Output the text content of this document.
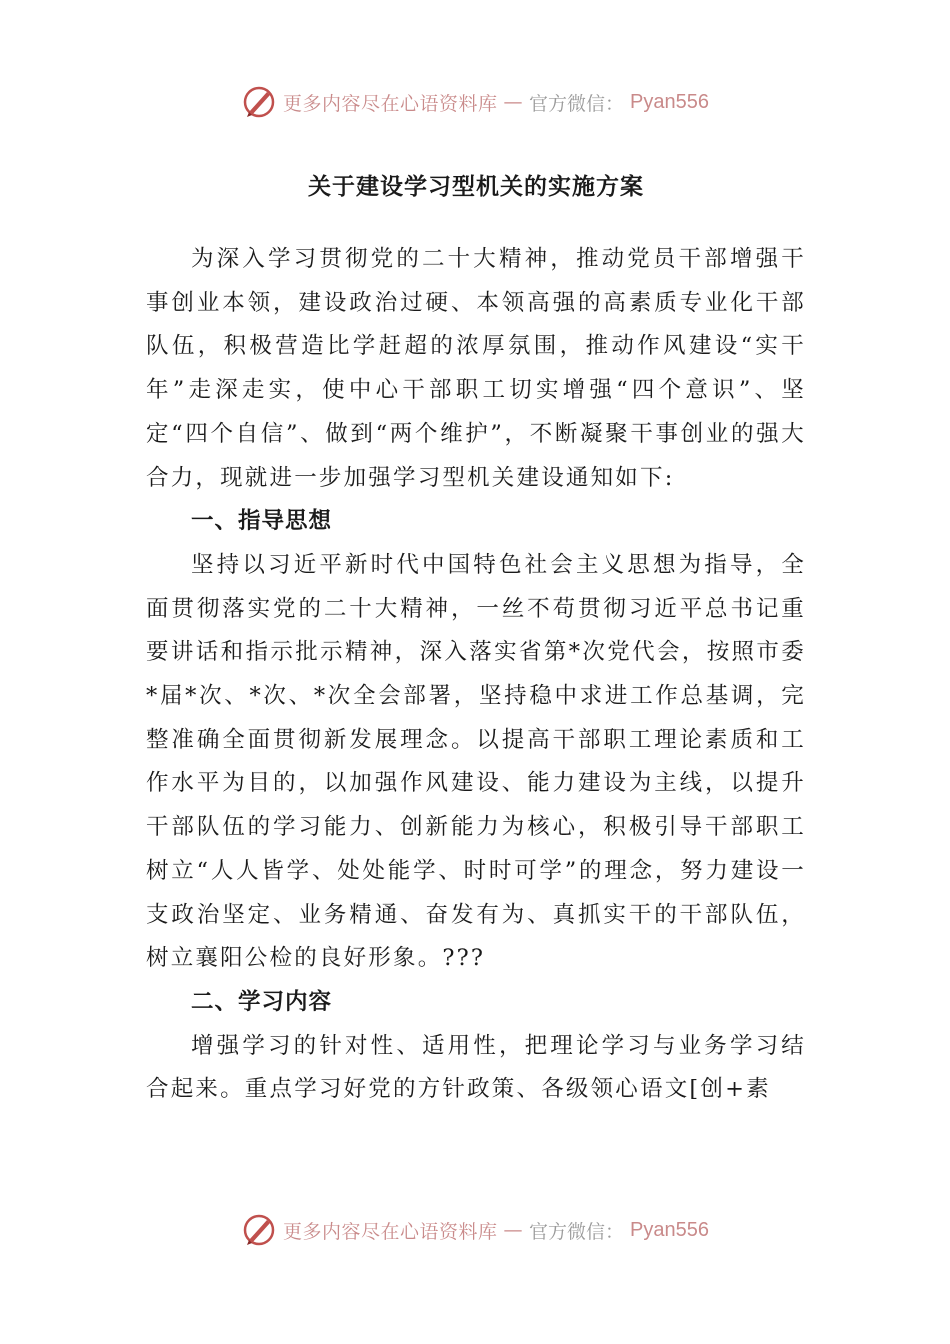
更多内容尽在心语资料库 — 官方微信： Pyan556
关于建设学习型机关的实施方案

为深入学习贯彻党的二十大精神，推动党员干部增强干事创业本领，建设政治过硬、本领高强的高素质专业化干部队伍，积极营造比学赶超的浓厚氛围，推动作风建设“实干年”走深走实，使中心干部职工切实增强“四个意识”、坚定“四个自信”、做到“两个维护”，不断凝聚干事创业的强大合力，现就进一步加强学习型机关建设通知如下:

一、指导思想

坚持以习近平新时代中国特色社会主义思想为指导，全面贯彻落实党的二十大精神，一丝不苟贯彻习近平总书记重要讲话和指示批示精神，深入落实省第*次党代会，按照市委*届*次、*次、*次全会部署，坚持稳中求进工作总基调，完整准确全面贯彻新发展理念。以提高干部职工理论素质和工作水平为目的，以加强作风建设、能力建设为主线，以提升干部队伍的学习能力、创新能力为核心，积极引导干部职工树立“人人皆学、处处能学、时时可学”的理念，努力建设一支政治坚定、业务精通、奋发有为、真抓实干的干部队伍，树立襄阳公检的良好形象。???

二、学习内容

增强学习的针对性、适用性，把理论学习与业务学习结合起来。重点学习好党的方针政策、各级领心语文[创+素

更多内容尽在心语资料库 — 官方微信： Pyan556
